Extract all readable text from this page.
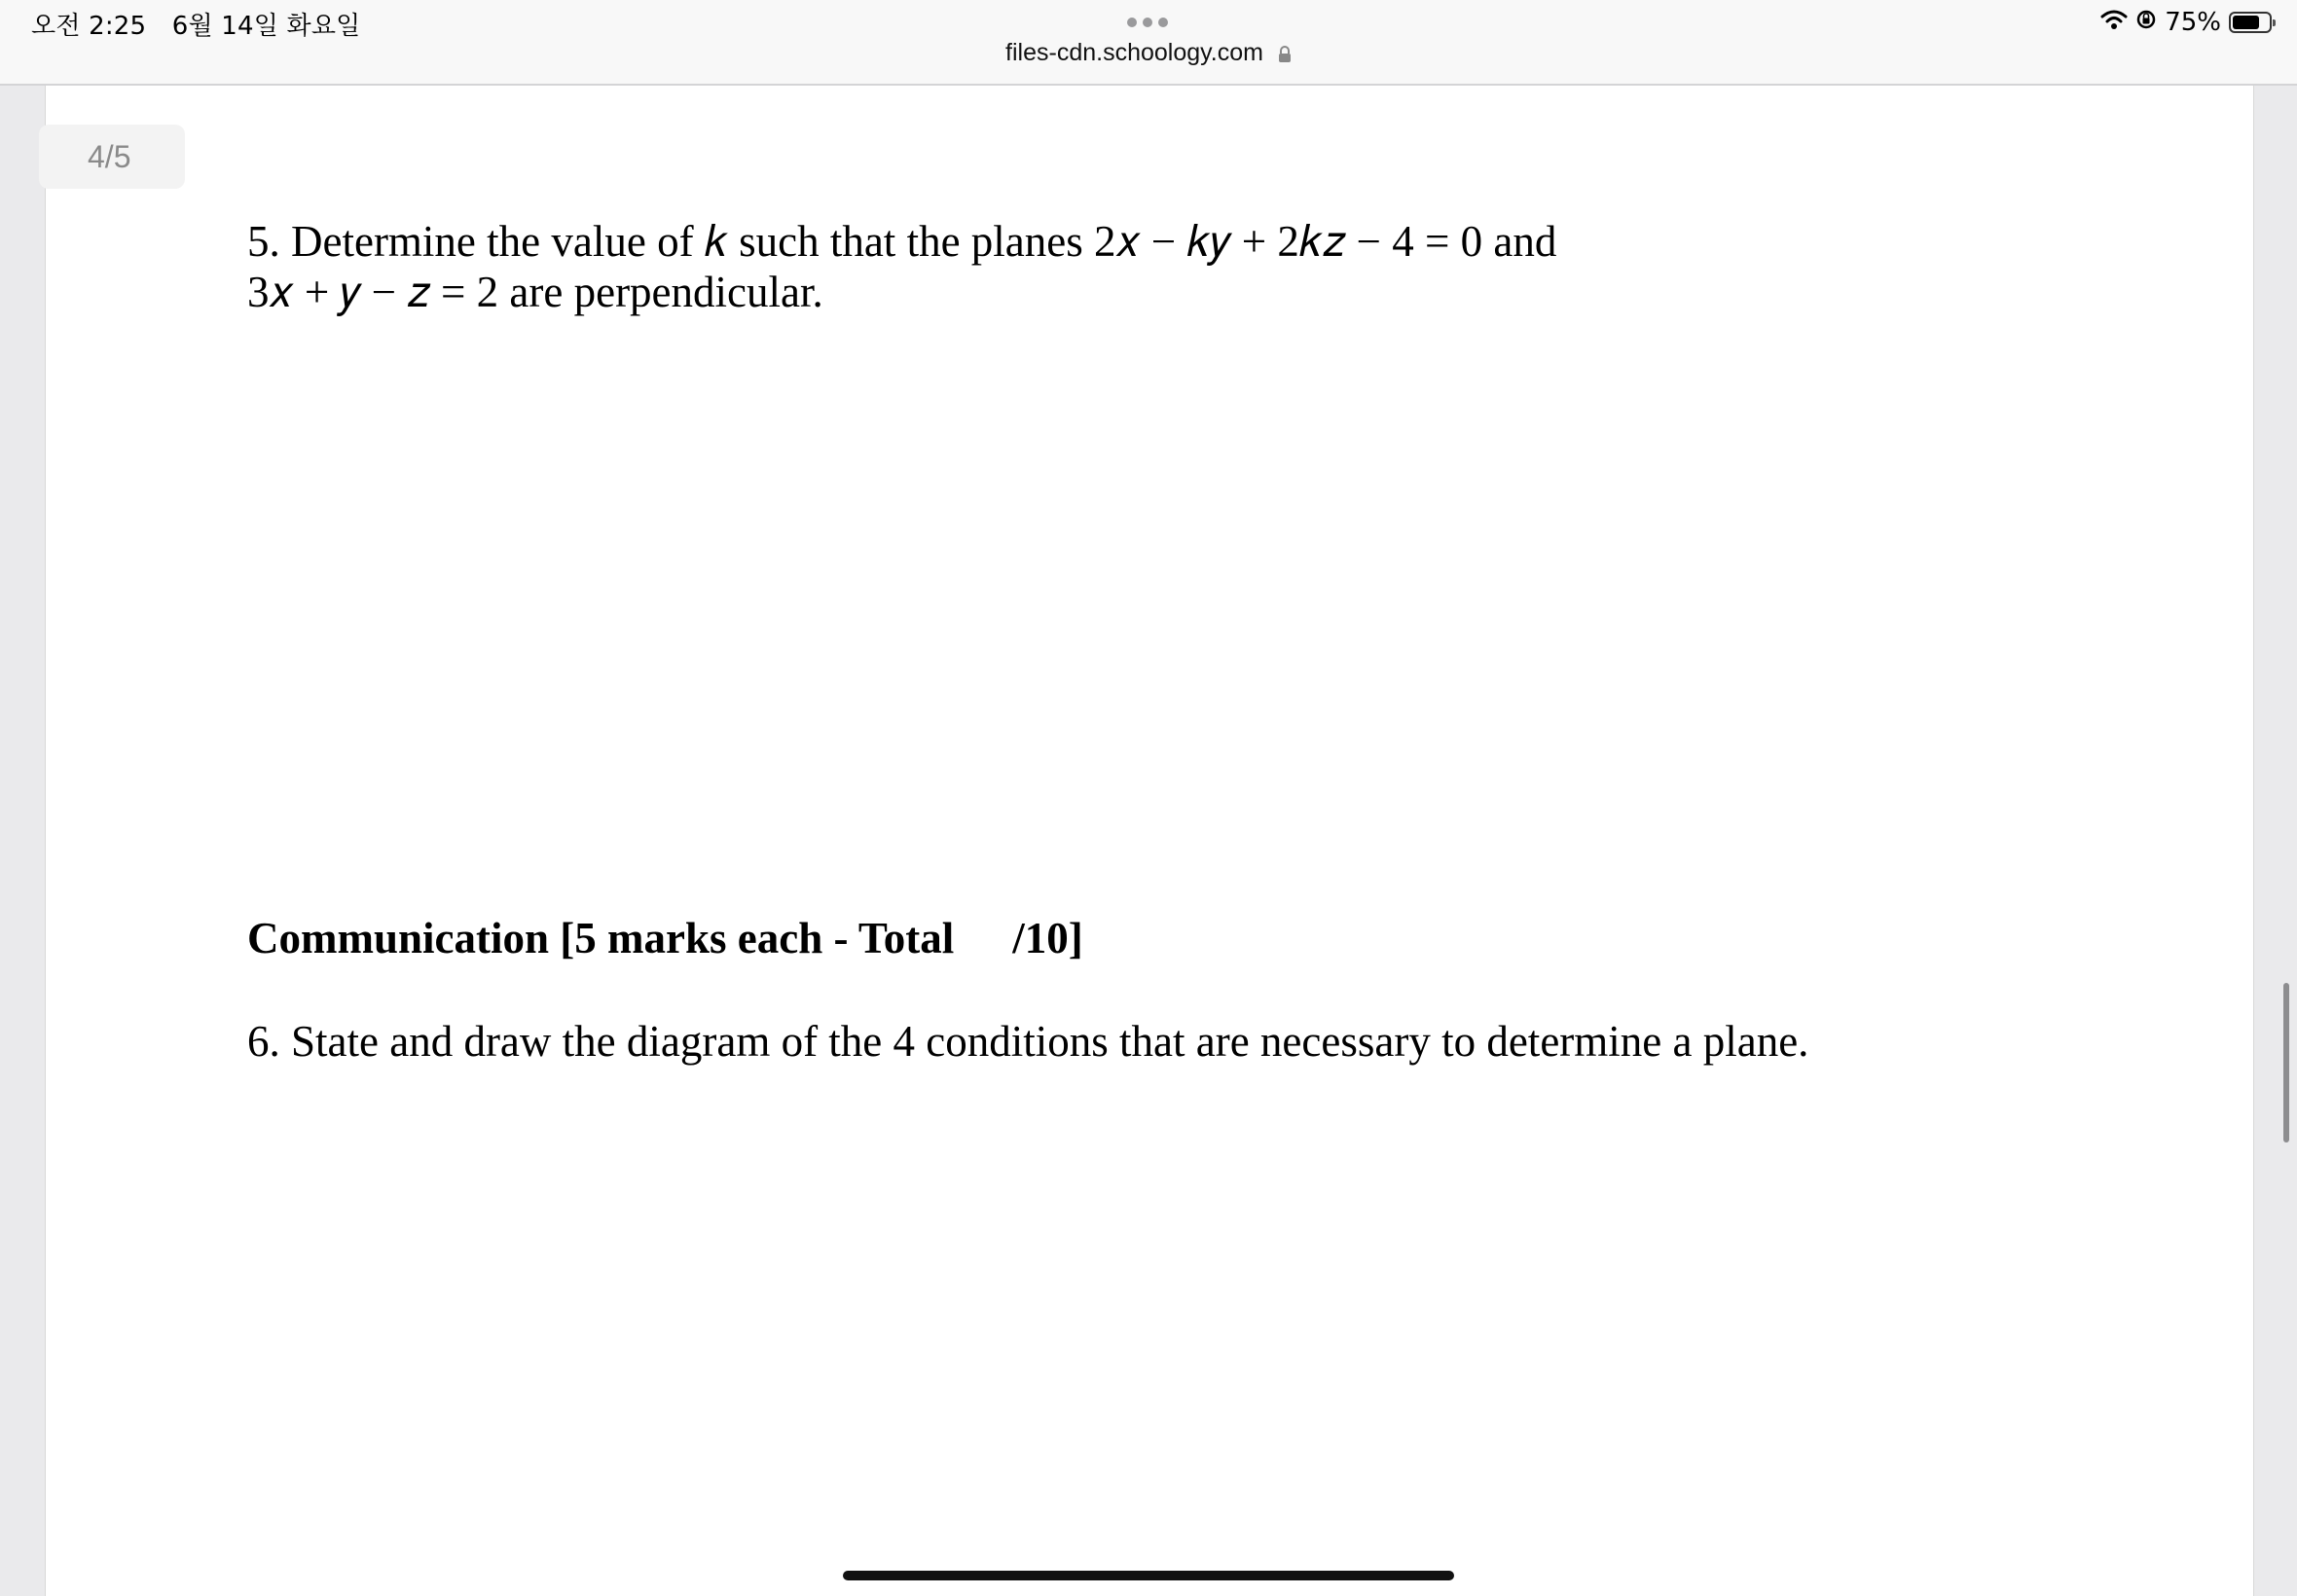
오전 2:25 6월 14일 화요일
files-cdn.schoology.com
75%
4/5
5. Determine the value of 𝑘 such that the planes 2𝑥 − 𝑘𝑦 + 2𝑘𝑧 − 4 = 0 and
3𝑥 + 𝑦 − 𝑧 = 2 are perpendicular.
Communication [5 marks each - Total /10]
6. State and draw the diagram of the 4 conditions that are necessary to determine a plane.
